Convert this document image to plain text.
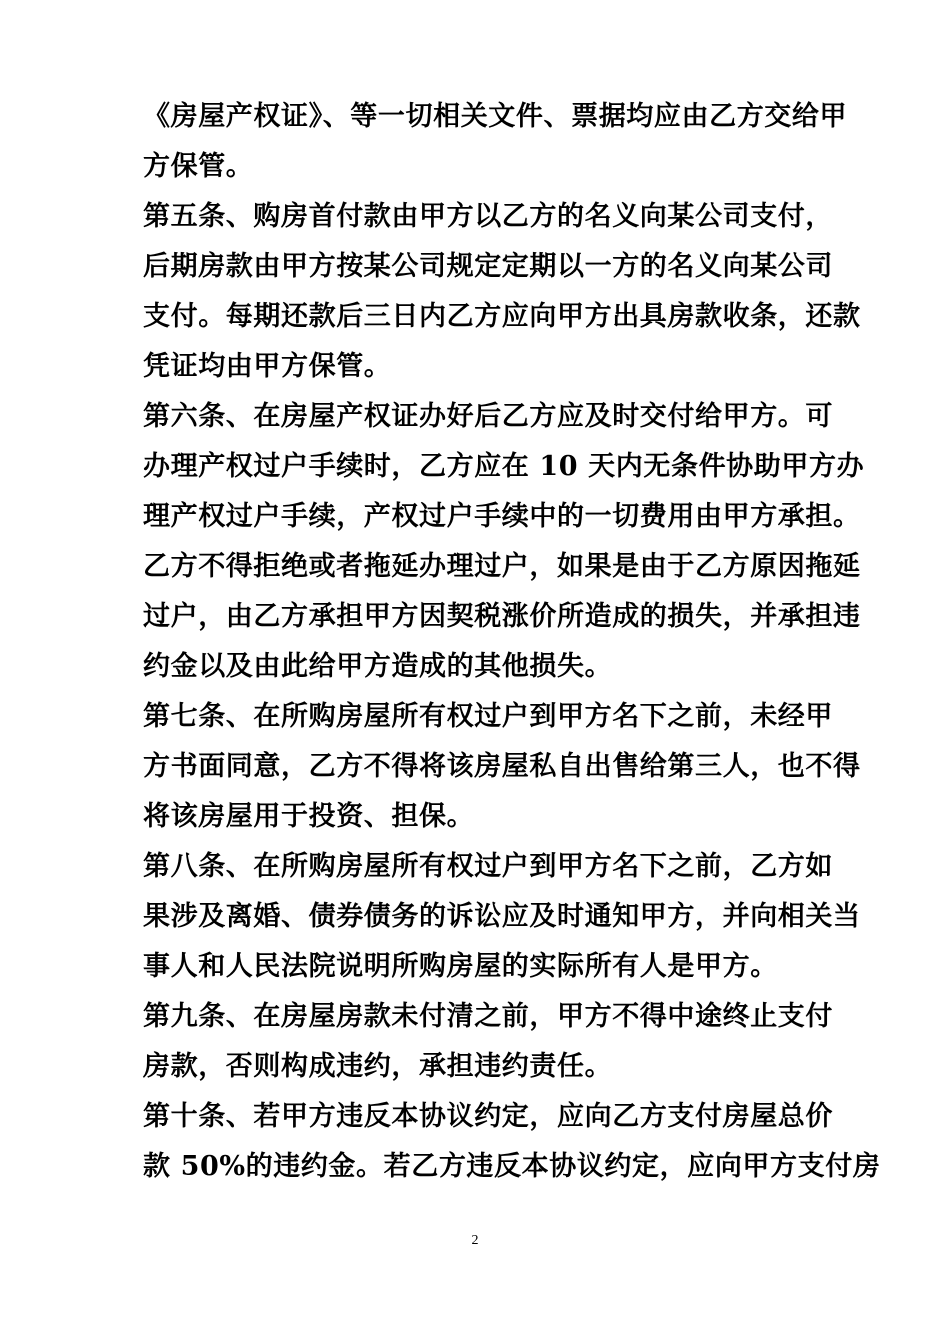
《房屋产权证》、等一切相关文件、票据均应由乙方交给甲
方保管。
第五条、购房首付款由甲方以乙方的名义向某公司支付，
后期房款由甲方按某公司规定定期以一方的名义向某公司
支付。每期还款后三日内乙方应向甲方出具房款收条，还款
凭证均由甲方保管。
第六条、在房屋产权证办好后乙方应及时交付给甲方。可
办理产权过户手续时，乙方应在 10 天内无条件协助甲方办
理产权过户手续，产权过户手续中的一切费用由甲方承担。
乙方不得拒绝或者拖延办理过户，如果是由于乙方原因拖延
过户，由乙方承担甲方因契税涨价所造成的损失，并承担违
约金以及由此给甲方造成的其他损失。
第七条、在所购房屋所有权过户到甲方名下之前，未经甲
方书面同意，乙方不得将该房屋私自出售给第三人，也不得
将该房屋用于投资、担保。
第八条、在所购房屋所有权过户到甲方名下之前，乙方如
果涉及离婚、债券债务的诉讼应及时通知甲方，并向相关当
事人和人民法院说明所购房屋的实际所有人是甲方。
第九条、在房屋房款未付清之前，甲方不得中途终止支付
房款，否则构成违约，承担违约责任。
第十条、若甲方违反本协议约定，应向乙方支付房屋总价
款 50%的违约金。若乙方违反本协议约定，应向甲方支付房
2
